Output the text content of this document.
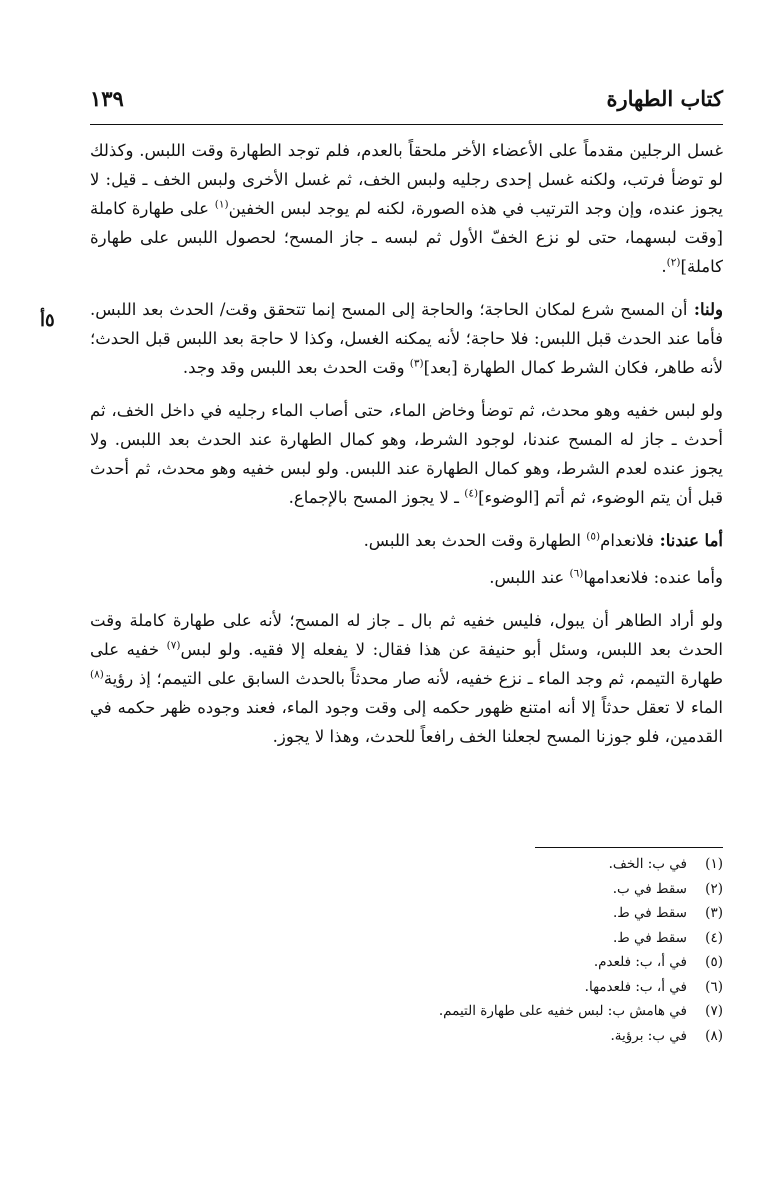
كتاب الطهارة
١٣٩
٥أ

غسل الرجلين مقدماً على الأعضاء الأخر ملحقاً بالعدم، فلم توجد الطهارة وقت اللبس. وكذلك لو توضأ فرتب، ولكنه غسل إحدى رجليه ولبس الخف، ثم غسل الأخرى ولبس الخف ـ قيل: لا يجوز عنده، وإن وجد الترتيب في هذه الصورة، لكنه لم يوجد لبس الخفين$^{(١)}$ على طهارة كاملة [وقت لبسهما، حتى لو نزع الخفّ الأول ثم لبسه ـ جاز المسح؛ لحصول اللبس على طهارة كاملة]$^{(٢)}$.

ولنا: أن المسح شرع لمكان الحاجة؛ والحاجة إلى المسح إنما تتحقق وقت/ الحدث بعد اللبس. فأما عند الحدث قبل اللبس: فلا حاجة؛ لأنه يمكنه الغسل، وكذا لا حاجة بعد اللبس قبل الحدث؛ لأنه طاهر، فكان الشرط كمال الطهارة [بعد]$^{(٣)}$ وقت الحدث بعد اللبس وقد وجد.

ولو لبس خفيه وهو محدث، ثم توضأ وخاض الماء، حتى أصاب الماء رجليه في داخل الخف، ثم أحدث ـ جاز له المسح عندنا، لوجود الشرط، وهو كمال الطهارة عند الحدث بعد اللبس. ولا يجوز عنده لعدم الشرط، وهو كمال الطهارة عند اللبس. ولو لبس خفيه وهو محدث، ثم أحدث قبل أن يتم الوضوء، ثم أتم [الوضوء]$^{(٤)}$ ـ لا يجوز المسح بالإجماع.

أما عندنا: فلانعدام$^{(٥)}$ الطهارة وقت الحدث بعد اللبس.

وأما عنده: فلانعدامها$^{(٦)}$ عند اللبس.

ولو أراد الطاهر أن يبول، فليس خفيه ثم بال ـ جاز له المسح؛ لأنه على طهارة كاملة وقت الحدث بعد اللبس، وسئل أبو حنيفة عن هذا فقال: لا يفعله إلا فقيه. ولو لبس$^{(٧)}$ خفيه على طهارة التيمم، ثم وجد الماء ـ نزع خفيه، لأنه صار محدثاً بالحدث السابق على التيمم؛ إذ رؤية$^{(٨)}$ الماء لا تعقل حدثاً إلا أنه امتنع ظهور حكمه إلى وقت وجود الماء، فعند وجوده ظهر حكمه في القدمين، فلو جوزنا المسح لجعلنا الخف رافعاً للحدث، وهذا لا يجوز.

(١)
في ب: الخف.
(٢)
سقط في ب.
(٣)
سقط في ط.
(٤)
سقط في ط.
(٥)
في أ، ب: فلعدم.
(٦)
في أ، ب: فلعدمها.
(٧)
في هامش ب: لبس خفيه على طهارة التيمم.
(٨)
في ب: برؤية.
